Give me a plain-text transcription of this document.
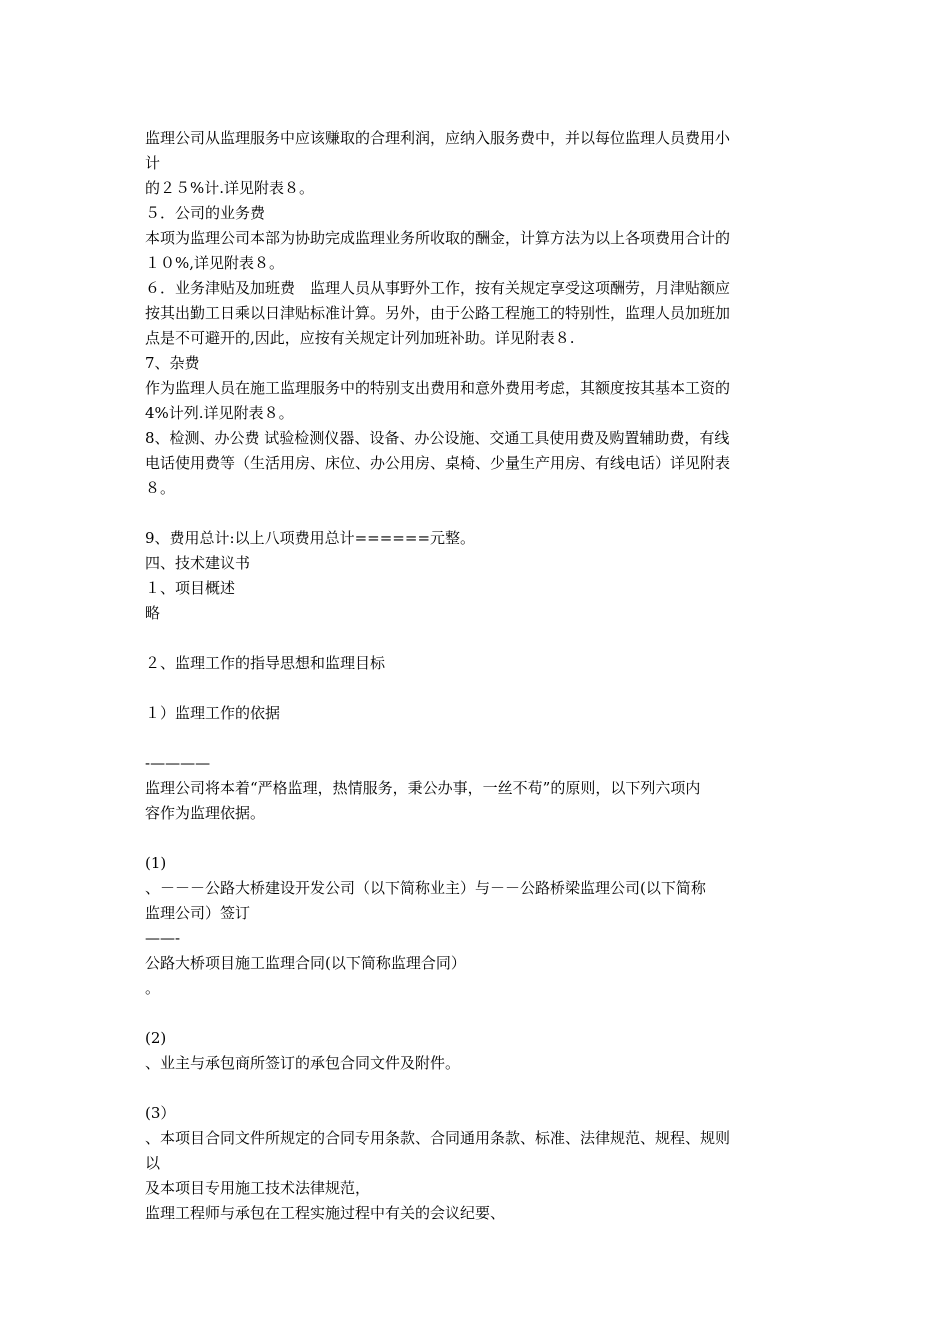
监理公司从监理服务中应该赚取的合理利润，应纳入服务费中，并以每位监理人员费用小
计
的２５%计.详见附表８。
５．公司的业务费
本项为监理公司本部为协助完成监理业务所收取的酬金，计算方法为以上各项费用合计的
１０%,详见附表８。
６．业务津贴及加班费　监理人员从事野外工作，按有关规定享受这项酬劳，月津贴额应
按其出勤工日乘以日津贴标准计算。另外，由于公路工程施工的特别性，监理人员加班加
点是不可避开的,因此，应按有关规定计列加班补助。详见附表８.
7、杂费
作为监理人员在施工监理服务中的特别支出费用和意外费用考虑，其额度按其基本工资的
4%计列.详见附表８。
8、检测、办公费 试验检测仪器、设备、办公设施、交通工具使用费及购置辅助费，有线
电话使用费等（生活用房、床位、办公用房、桌椅、少量生产用房、有线电话）详见附表
８。
9、费用总计:以上八项费用总计======元整。
四、技术建议书
１、项目概述
略
２、监理工作的指导思想和监理目标
１）监理工作的依据
-————
监理公司将本着“严格监理，热情服务，秉公办事，一丝不苟”的原则，以下列六项内
容作为监理依据。
(1)
、－－－公路大桥建设开发公司（以下简称业主）与－－公路桥梁监理公司(以下简称
监理公司）签订
——-
公路大桥项目施工监理合同(以下简称监理合同）
。
(2)
、业主与承包商所签订的承包合同文件及附件。
(3）
、本项目合同文件所规定的合同专用条款、合同通用条款、标准、法律规范、规程、规则
以
及本项目专用施工技术法律规范，
监理工程师与承包在工程实施过程中有关的会议纪要、
